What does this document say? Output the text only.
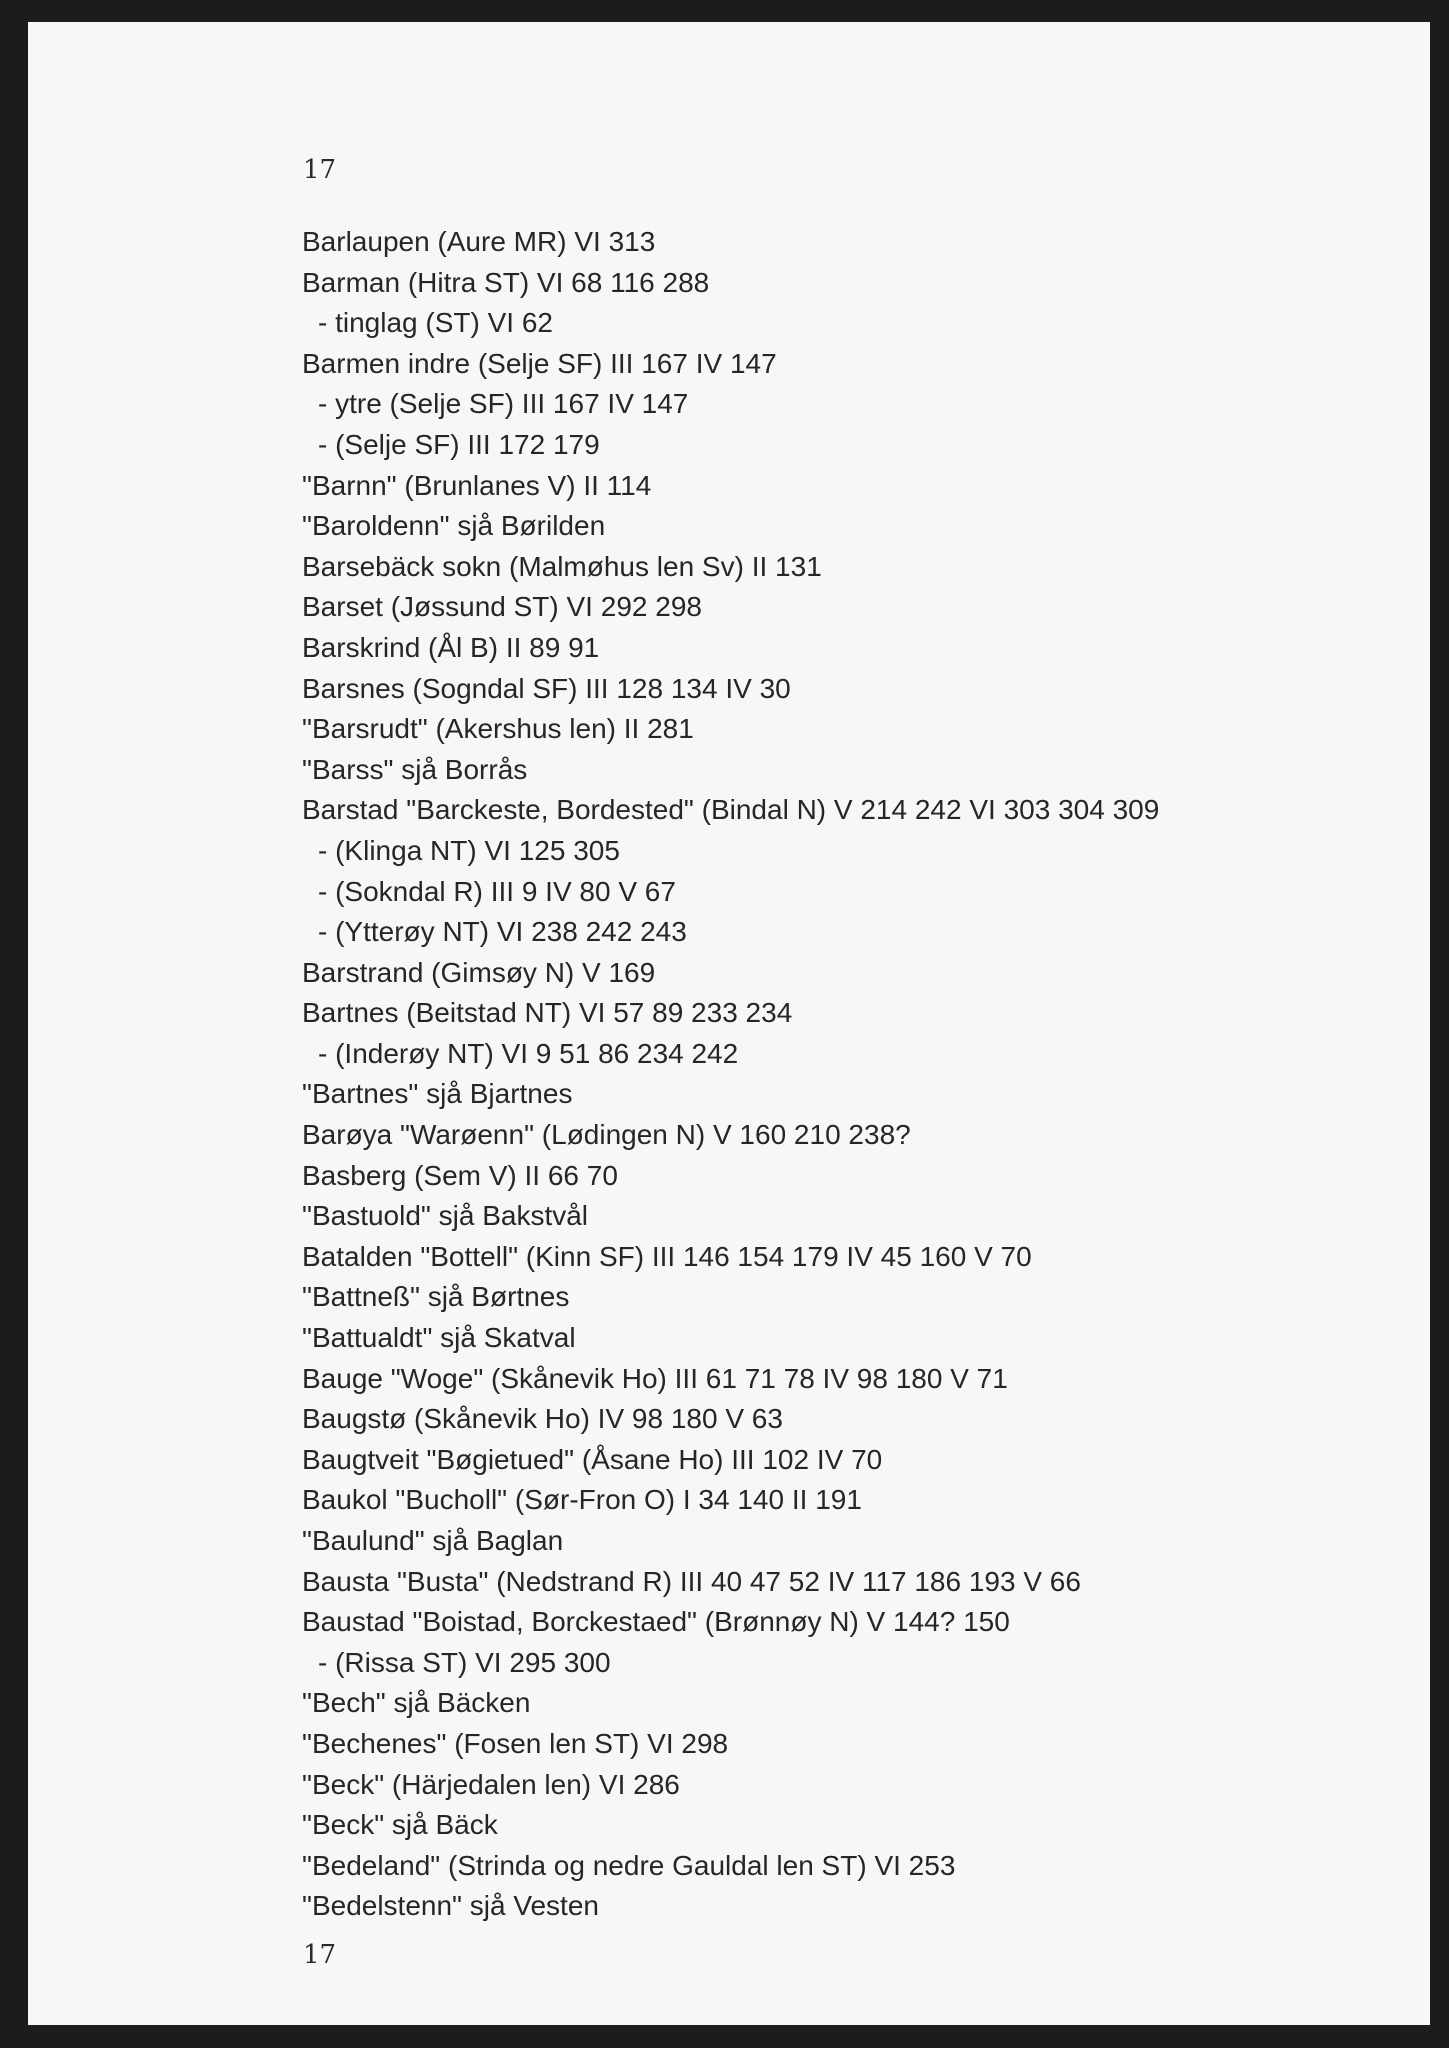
17
Barlaupen (Aure MR) VI 313
Barman (Hitra ST) VI 68 116 288
- tinglag (ST) VI 62
Barmen indre (Selje SF) III 167 IV 147
- ytre (Selje SF) III 167 IV 147
- (Selje SF) III 172 179
"Barnn" (Brunlanes V) II 114
"Baroldenn" sjå Børilden
Barsebäck sokn (Malmøhus len Sv) II 131
Barset (Jøssund ST) VI 292 298
Barskrind (Ål B) II 89 91
Barsnes (Sogndal SF) III 128 134 IV 30
"Barsrudt" (Akershus len) II 281
"Barss" sjå Borrås
Barstad "Barckeste, Bordested" (Bindal N) V 214 242 VI 303 304 309
- (Klinga NT) VI 125 305
- (Sokndal R) III 9 IV 80 V 67
- (Ytterøy NT) VI 238 242 243
Barstrand (Gimsøy N) V 169
Bartnes (Beitstad NT) VI 57 89 233 234
- (Inderøy NT) VI 9 51 86 234 242
"Bartnes" sjå Bjartnes
Barøya "Warøenn" (Lødingen N) V 160 210 238?
Basberg (Sem V) II 66 70
"Bastuold" sjå Bakstvål
Batalden "Bottell" (Kinn SF) III 146 154 179 IV 45 160 V 70
"Battneß" sjå Børtnes
"Battualdt" sjå Skatval
Bauge "Woge" (Skånevik Ho) III 61 71 78 IV 98 180 V 71
Baugstø (Skånevik Ho) IV 98 180 V 63
Baugtveit "Bøgietued" (Åsane Ho) III 102 IV 70
Baukol "Bucholl" (Sør-Fron O) I 34 140 II 191
"Baulund" sjå Baglan
Bausta "Busta" (Nedstrand R) III 40 47 52 IV 117 186 193 V 66
Baustad "Boistad, Borckestaed" (Brønnøy N) V 144? 150
- (Rissa ST) VI 295 300
"Bech" sjå Bäcken
"Bechenes" (Fosen len ST) VI 298
"Beck" (Härjedalen len) VI 286
"Beck" sjå Bäck
"Bedeland" (Strinda og nedre Gauldal len ST) VI 253
"Bedelstenn" sjå Vesten
17
